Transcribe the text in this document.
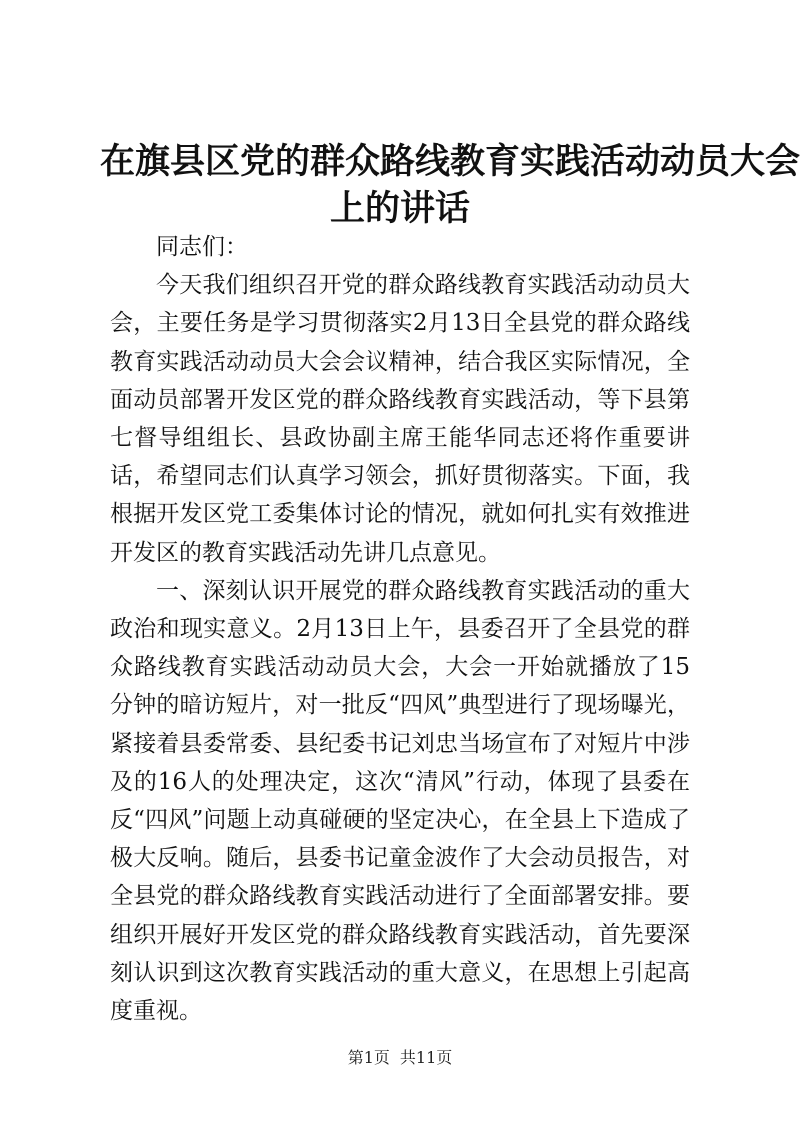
在旗县区党的群众路线教育实践活动动员大会
上的讲话

同志们：

今天我们组织召开党的群众路线教育实践活动动员大会，主要任务是学习贯彻落实2月13日全县党的群众路线教育实践活动动员大会会议精神，结合我区实际情况，全面动员部署开发区党的群众路线教育实践活动，等下县第七督导组组长、县政协副主席王能华同志还将作重要讲话，希望同志们认真学习领会，抓好贯彻落实。下面，我根据开发区党工委集体讨论的情况，就如何扎实有效推进开发区的教育实践活动先讲几点意见。

一、深刻认识开展党的群众路线教育实践活动的重大政治和现实意义。2月13日上午，县委召开了全县党的群众路线教育实践活动动员大会，大会一开始就播放了15分钟的暗访短片，对一批反“四风”典型进行了现场曝光，紧接着县委常委、县纪委书记刘忠当场宣布了对短片中涉及的16人的处理决定，这次“清风”行动，体现了县委在反“四风”问题上动真碰硬的坚定决心，在全县上下造成了极大反响。随后，县委书记童金波作了大会动员报告，对全县党的群众路线教育实践活动进行了全面部署安排。要组织开展好开发区党的群众路线教育实践活动，首先要深刻认识到这次教育实践活动的重大意义，在思想上引起高度重视。

第1页 共11页
